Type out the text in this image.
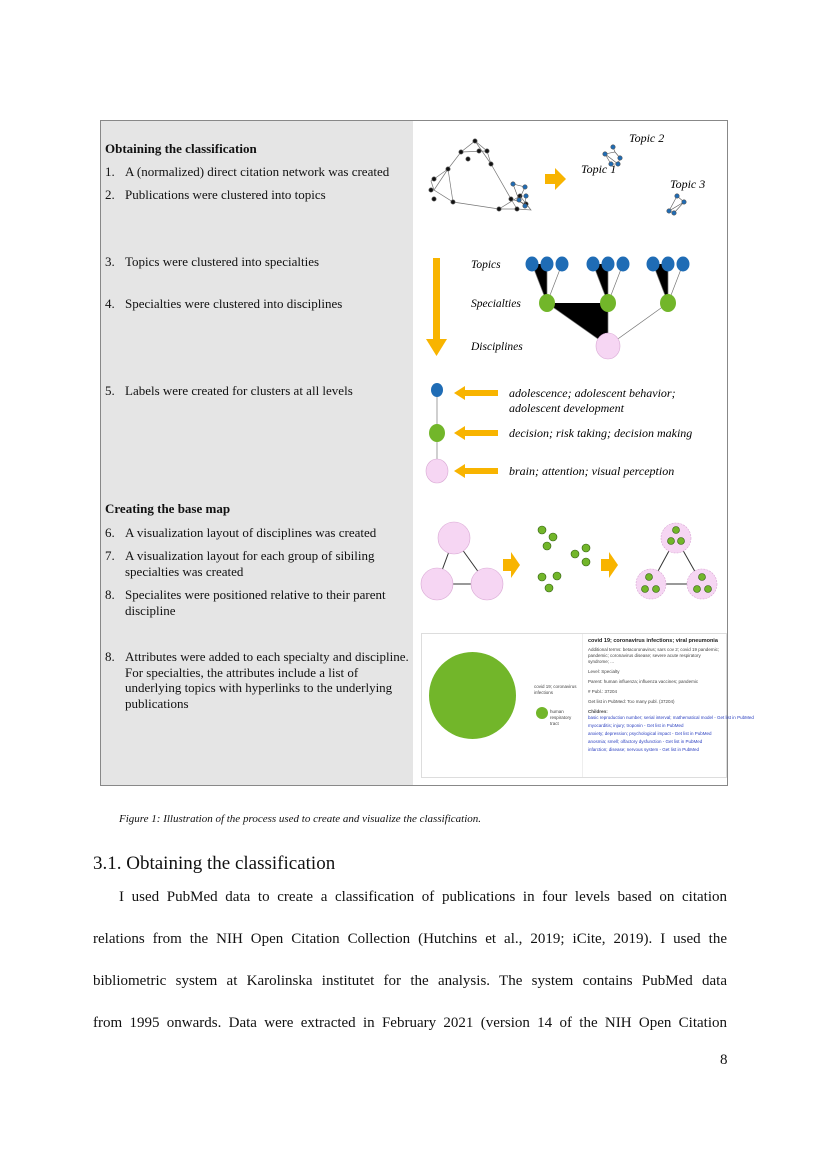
Obtaining the classification
1. A (normalized) direct citation network was created
2. Publications were clustered into topics
3. Topics were clustered into specialties
4. Specialties were clustered into disciplines
5. Labels were created for clusters at all levels
Creating the base map
6. A visualization layout of disciplines was created
7. A visualization layout for each group of sibiling specialties was created
8. Specialites were positioned relative to their parent discipline
8. Attributes were added to each specialty and discipline. For specialties, the attributes include a list of underlying topics with hyperlinks to the underlying publications
Topic 1
Topic 2
Topic 3
Topics
Specialties
Disciplines
adolescence; adolescent behavior;
adolescent development
decision; risk taking; decision making
brain; attention; visual perception
covid 19; coronavirus infections
human respiratory tract
covid 19; coronavirus infections; viral pneumonia
Additional terms: betacoronavirus; sars cov 2; covid 19 pandemic; pandemic; coronavirus disease; severe acute respiratory syndrome; ...
Level: Specialty
Parent: human influenza; influenza vaccines; pandemic
# Publ.: 37204
Get list in PubMed: Too many publ. (37204)
Children:
basic reproduction number; serial interval; mathematical model - Get list in PubMed
myocarditis; injury; troponin - Get list in PubMed
anxiety; depression; psychological impact - Get list in PubMed
anosmia; smell; olfactory dysfunction - Get list in PubMed
infarction; disease; nervous system - Get list in PubMed
Figure 1: Illustration of the process used to create and visualize the classification.
3.1. Obtaining the classification
I used PubMed data to create a classification of publications in four levels based on citation
relations from the NIH Open Citation Collection (Hutchins et al., 2019; iCite, 2019). I used the
bibliometric system at Karolinska institutet for the analysis. The system contains PubMed data
from 1995 onwards. Data were extracted in February 2021 (version 14 of the NIH Open Citation
8
